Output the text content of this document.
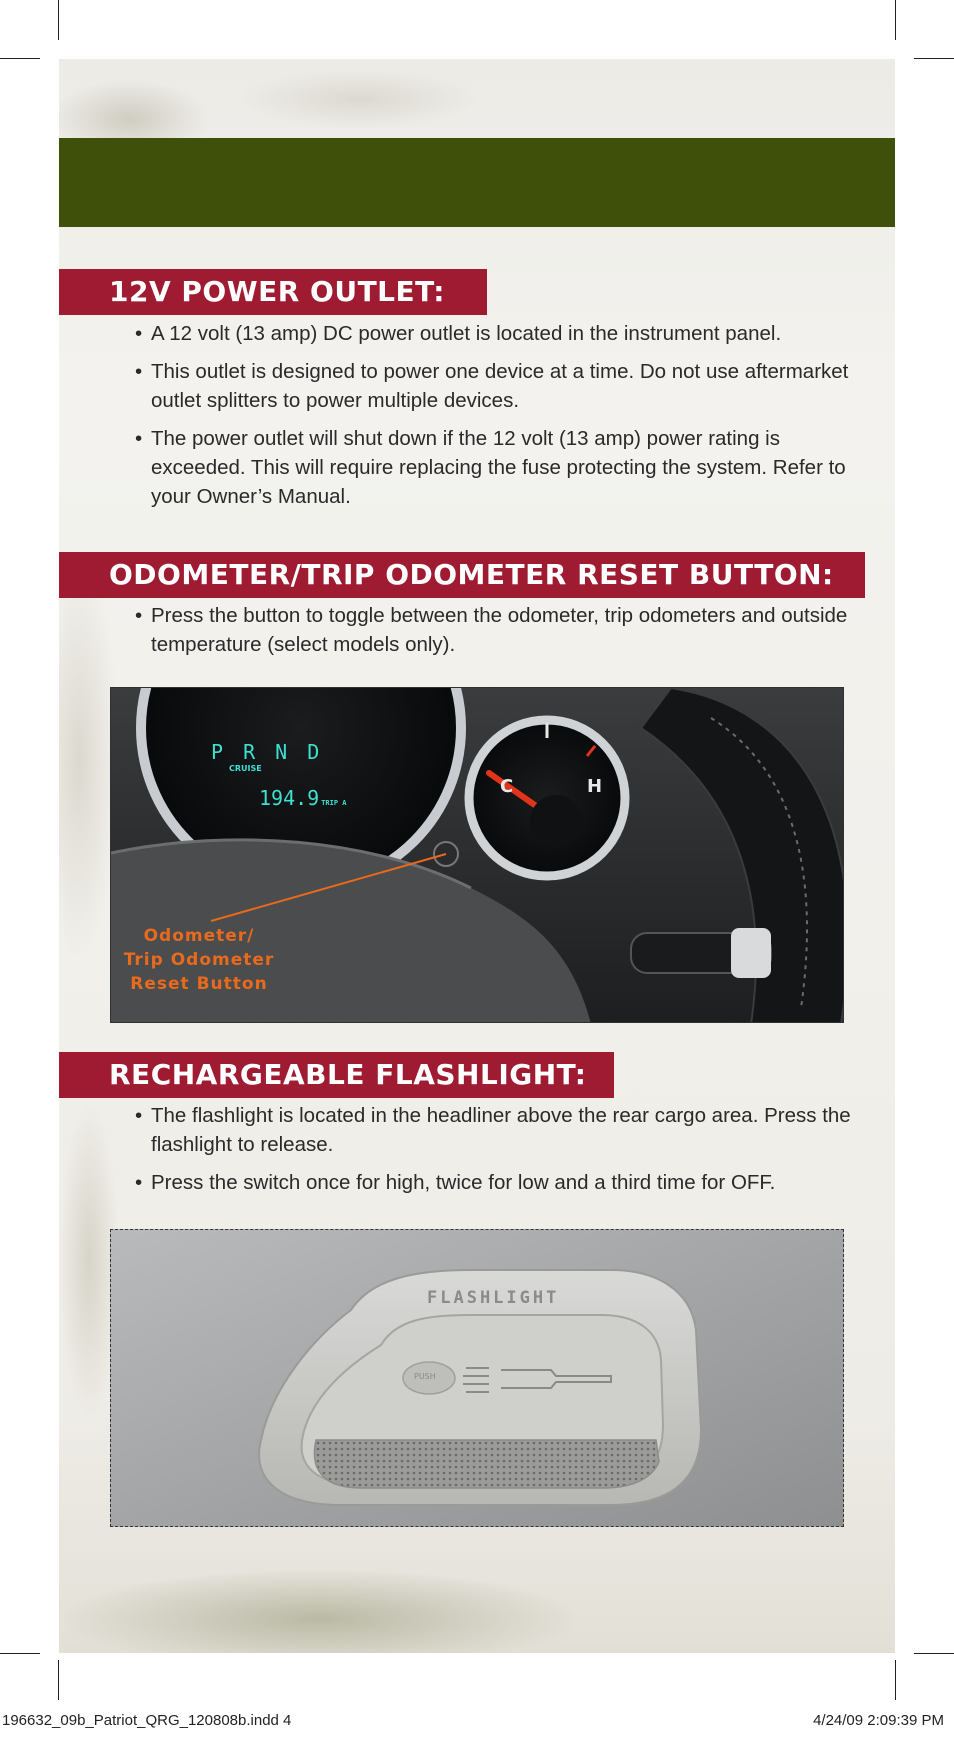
12V POWER OUTLET:
• A 12 volt (13 amp) DC power outlet is located in the instrument panel.
• This outlet is designed to power one device at a time. Do not use aftermarket outlet splitters to power multiple devices.
• The power outlet will shut down if the 12 volt (13 amp) power rating is exceeded. This will require replacing the fuse protecting the system. Refer to your Owner’s Manual.
ODOMETER/TRIP ODOMETER RESET BUTTON:
• Press the button to toggle between the odometer, trip odometers and outside temperature (select models only).
P R N D
CRUISE
194.9 TRIP A
C	H
Odometer/
Trip Odometer
Reset Button
RECHARGEABLE FLASHLIGHT:
• The flashlight is located in the headliner above the rear cargo area. Press the flashlight to release.
• Press the switch once for high, twice for low and a third time for OFF.
FLASHLIGHT
PUSH
196632_09b_Patriot_QRG_120808b.indd 4	4/24/09 2:09:39 PM
